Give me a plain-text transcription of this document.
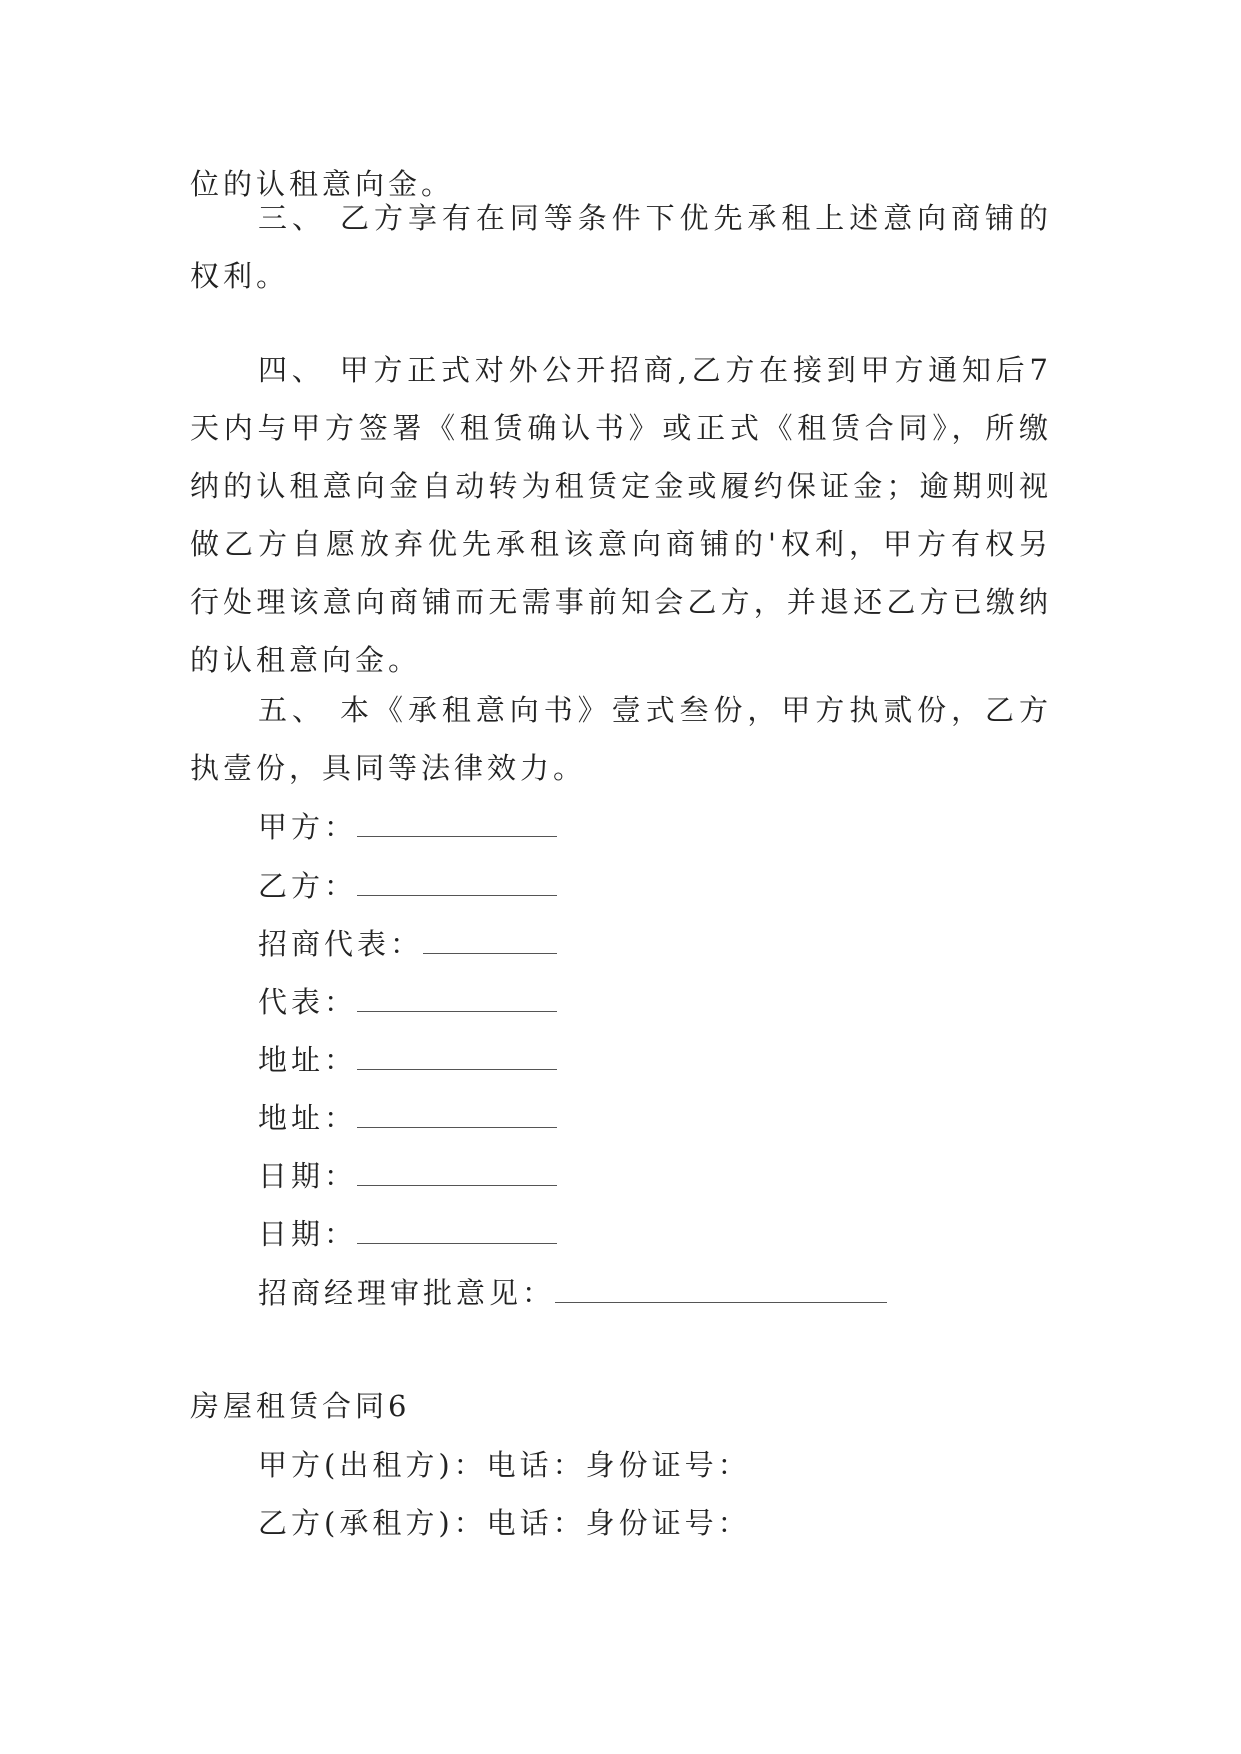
位的认租意向金。
三、 乙方享有在同等条件下优先承租上述意向商铺的权利。
四、 甲方正式对外公开招商,乙方在接到甲方通知后7天内与甲方签署《租赁确认书》或正式《租赁合同》，所缴纳的认租意向金自动转为租赁定金或履约保证金；逾期则视做乙方自愿放弃优先承租该意向商铺的'权利，甲方有权另行处理该意向商铺而无需事前知会乙方，并退还乙方已缴纳的认租意向金。
五、 本《承租意向书》壹式叁份，甲方执贰份，乙方执壹份，具同等法律效力。
甲方：
乙方：
招商代表：
代表：
地址：
地址：
日期：
日期：
招商经理审批意见：
房屋租赁合同6
甲方(出租方)：电话：身份证号：
乙方(承租方)：电话：身份证号：
